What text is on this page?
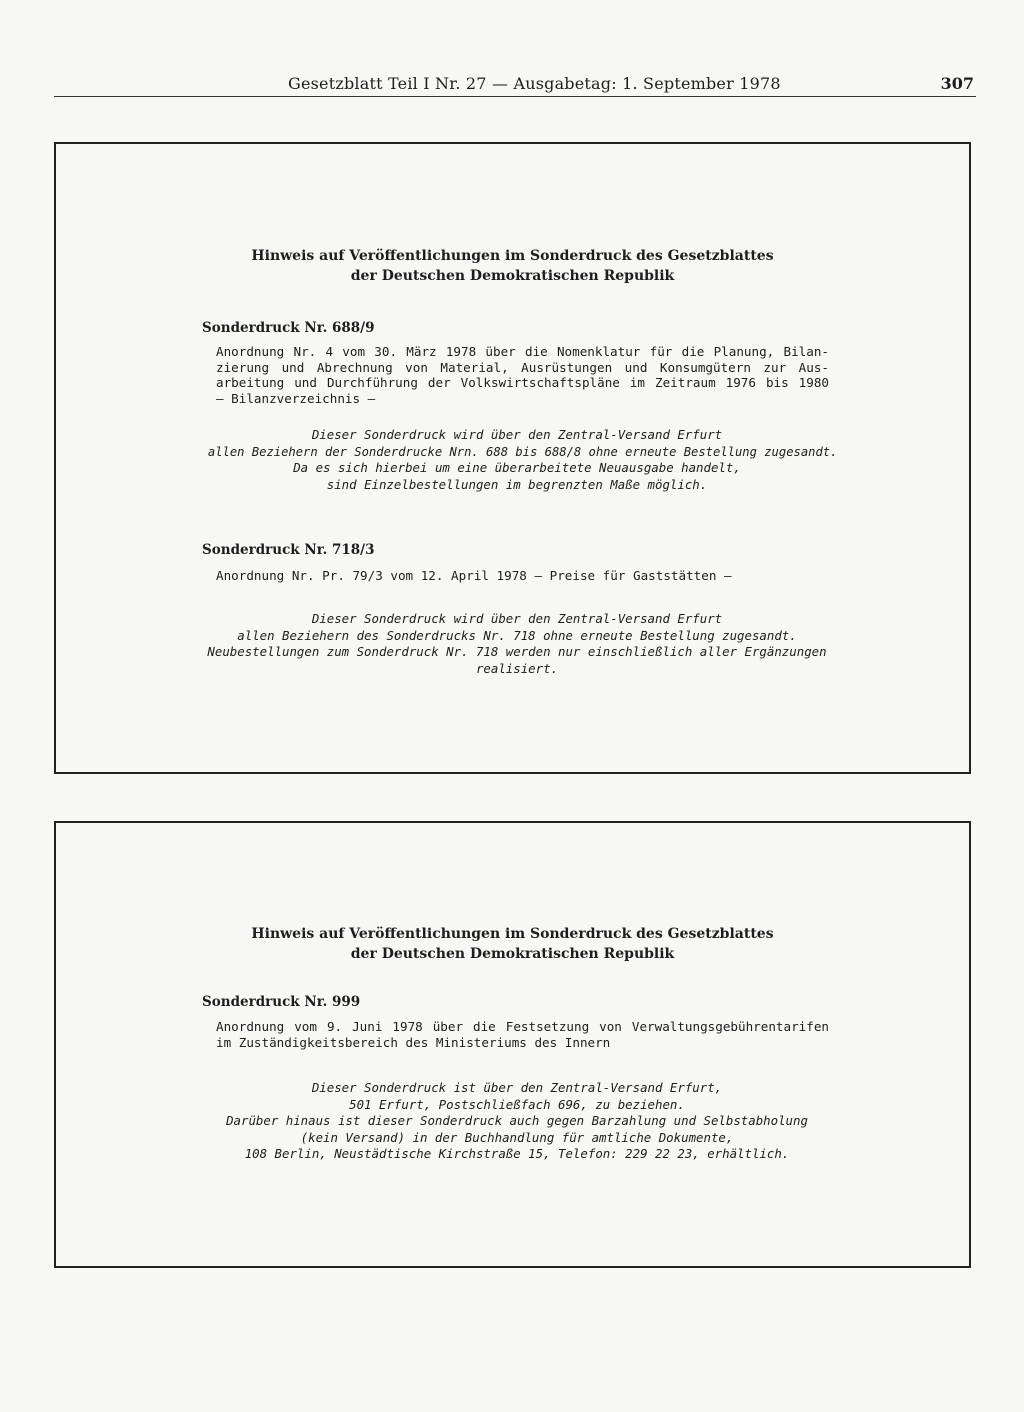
Gesetzblatt Teil I Nr. 27 — Ausgabetag: 1. September 1978	307
Hinweis auf Veröffentlichungen im Sonderdruck des Gesetzblattes
der Deutschen Demokratischen Republik
Sonderdruck Nr. 688/9
Anordnung Nr. 4 vom 30. März 1978 über die Nomenklatur für die Planung, Bilan-
zierung und Abrechnung von Material, Ausrüstungen und Konsumgütern zur Aus-
arbeitung und Durchführung der Volkswirtschaftspläne im Zeitraum 1976 bis 1980
— Bilanzverzeichnis —
Dieser Sonderdruck wird über den Zentral-Versand Erfurt
allen Beziehern der Sonderdrucke Nrn. 688 bis 688/8 ohne erneute Bestellung zugesandt.
Da es sich hierbei um eine überarbeitete Neuausgabe handelt,
sind Einzelbestellungen im begrenzten Maße möglich.
Sonderdruck Nr. 718/3
Anordnung Nr. Pr. 79/3 vom 12. April 1978 — Preise für Gaststätten —
Dieser Sonderdruck wird über den Zentral-Versand Erfurt
allen Beziehern des Sonderdrucks Nr. 718 ohne erneute Bestellung zugesandt.
Neubestellungen zum Sonderdruck Nr. 718 werden nur einschließlich aller Ergänzungen
realisiert.
Hinweis auf Veröffentlichungen im Sonderdruck des Gesetzblattes
der Deutschen Demokratischen Republik
Sonderdruck Nr. 999
Anordnung vom 9. Juni 1978 über die Festsetzung von Verwaltungsgebührentarifen
im Zuständigkeitsbereich des Ministeriums des Innern
Dieser Sonderdruck ist über den Zentral-Versand Erfurt,
501 Erfurt, Postschließfach 696, zu beziehen.
Darüber hinaus ist dieser Sonderdruck auch gegen Barzahlung und Selbstabholung
(kein Versand) in der Buchhandlung für amtliche Dokumente,
108 Berlin, Neustädtische Kirchstraße 15, Telefon: 229 22 23, erhältlich.
